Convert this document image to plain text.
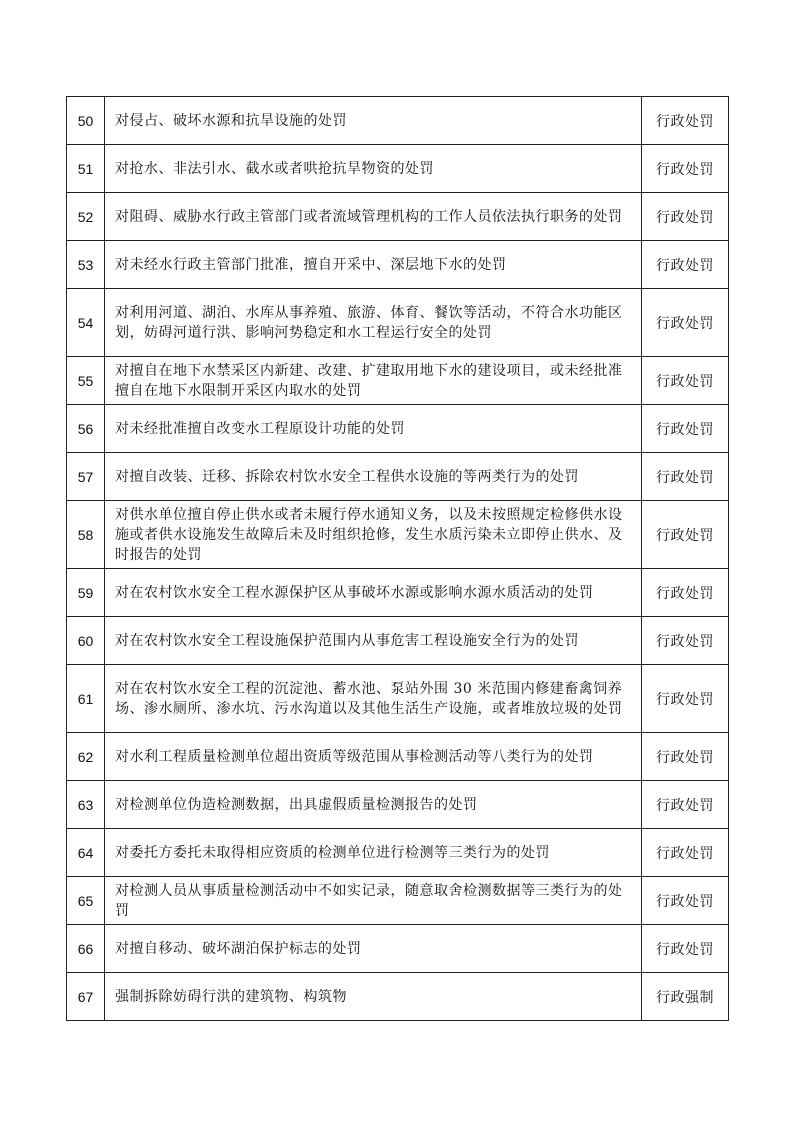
50	对侵占、破坏水源和抗旱设施的处罚	行政处罚
51	对抢水、非法引水、截水或者哄抢抗旱物资的处罚	行政处罚
52	对阻碍、威胁水行政主管部门或者流域管理机构的工作人员依法执行职务的处罚	行政处罚
53	对未经水行政主管部门批准，擅自开采中、深层地下水的处罚	行政处罚
54	对利用河道、湖泊、水库从事养殖、旅游、体育、餐饮等活动，不符合水功能区划，妨碍河道行洪、影响河势稳定和水工程运行安全的处罚	行政处罚
55	对擅自在地下水禁采区内新建、改建、扩建取用地下水的建设项目，或未经批准擅自在地下水限制开采区内取水的处罚	行政处罚
56	对未经批准擅自改变水工程原设计功能的处罚	行政处罚
57	对擅自改装、迁移、拆除农村饮水安全工程供水设施的等两类行为的处罚	行政处罚
58	对供水单位擅自停止供水或者未履行停水通知义务，以及未按照规定检修供水设施或者供水设施发生故障后未及时组织抢修，发生水质污染未立即停止供水、及时报告的处罚	行政处罚
59	对在农村饮水安全工程水源保护区从事破坏水源或影响水源水质活动的处罚	行政处罚
60	对在农村饮水安全工程设施保护范围内从事危害工程设施安全行为的处罚	行政处罚
61	对在农村饮水安全工程的沉淀池、蓄水池、泵站外围 30 米范围内修建畜禽饲养场、渗水厕所、渗水坑、污水沟道以及其他生活生产设施，或者堆放垃圾的处罚	行政处罚
62	对水利工程质量检测单位超出资质等级范围从事检测活动等八类行为的处罚	行政处罚
63	对检测单位伪造检测数据，出具虚假质量检测报告的处罚	行政处罚
64	对委托方委托未取得相应资质的检测单位进行检测等三类行为的处罚	行政处罚
65	对检测人员从事质量检测活动中不如实记录，随意取舍检测数据等三类行为的处罚	行政处罚
66	对擅自移动、破坏湖泊保护标志的处罚	行政处罚
67	强制拆除妨碍行洪的建筑物、构筑物	行政强制
